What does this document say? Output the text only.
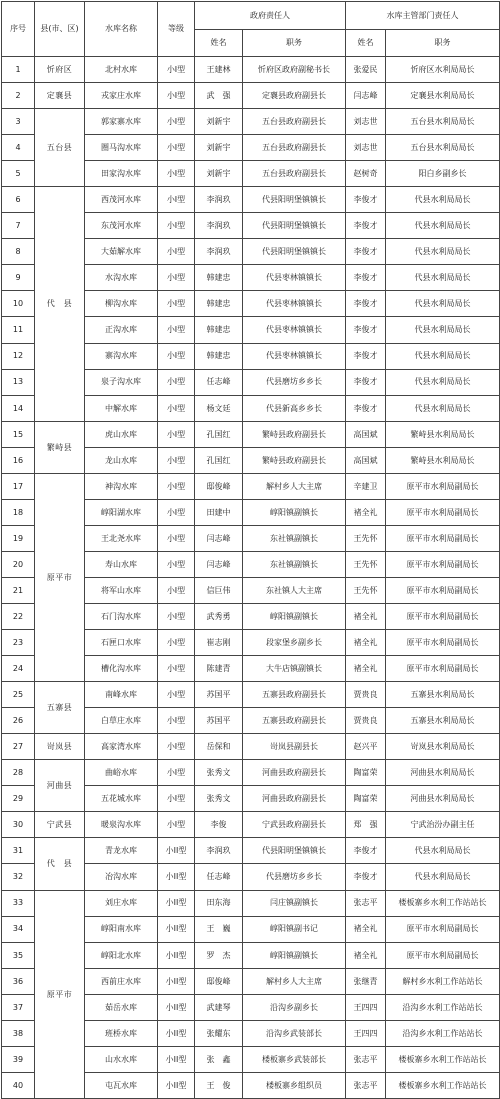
序号	县(市、区)	水库名称	等级	政府责任人		水库主管部门责任人	
				姓名	职务	姓名	职务
1	忻府区	北村水库	小I型	王建林	忻府区政府副秘书长	张爱民	忻府区水利局局长
2	定襄县	戎家庄水库	小I型	武　强	定襄县政府副县长	闫志峰	定襄县水利局局长
3	五台县	郭家寨水库	小I型	刘新宇	五台县政府副县长	刘志世	五台县水利局局长
4		圈马沟水库	小I型	刘新宇	五台县政府副县长	刘志世	五台县水利局局长
5		田家沟水库	小I型	刘新宇	五台县政府副县长	赵树奇	阳白乡副乡长
6	代　县	西茂河水库	小I型	李润玖	代县阳明堡镇镇长	李俊才	代县水利局局长
7		东茂河水库	小I型	李润玖	代县阳明堡镇镇长	李俊才	代县水利局局长
8		大茹解水库	小I型	李润玖	代县阳明堡镇镇长	李俊才	代县水利局局长
9		水沟水库	小I型	韩建忠	代县枣林镇镇长	李俊才	代县水利局局长
10		柳沟水库	小I型	韩建忠	代县枣林镇镇长	李俊才	代县水利局局长
11		正沟水库	小I型	韩建忠	代县枣林镇镇长	李俊才	代县水利局局长
12		寨沟水库	小I型	韩建忠	代县枣林镇镇长	李俊才	代县水利局局长
13		泉子沟水库	小I型	任志峰	代县磨坊乡乡长	李俊才	代县水利局局长
14		中解水库	小I型	杨文廷	代县新高乡乡长	李俊才	代县水利局局长
15	繁峙县	虎山水库	小I型	孔国红	繁峙县政府副县长	高国斌	繁峙县水利局局长
16		龙山水库	小I型	孔国红	繁峙县政府副县长	高国斌	繁峙县水利局局长
17	原平市	神沟水库	小I型	邸俊峰	解村乡人大主席	辛建卫	原平市水利局副局长
18		崞阳湖水库	小I型	田建中	崞阳镇副镇长	褚全礼	原平市水利局副局长
19		王北尧水库	小I型	闫志峰	东社镇副镇长	王先怀	原平市水利局副局长
20		寿山水库	小I型	闫志峰	东社镇副镇长	王先怀	原平市水利局副局长
21		将军山水库	小I型	信巨伟	东社镇人大主席	王先怀	原平市水利局副局长
22		石门沟水库	小I型	武秀勇	崞阳镇副镇长	褚全礼	原平市水利局副局长
23		石匣口水库	小I型	崔志刚	段家堡乡副乡长	褚全礼	原平市水利局副局长
24		槽化沟水库	小I型	陈建青	大牛店镇副镇长	褚全礼	原平市水利局副局长
25	五寨县	南峰水库	小I型	苏国平	五寨县政府副县长	贾贵良	五寨县水利局局长
26		白草庄水库	小I型	苏国平	五寨县政府副县长	贾贵良	五寨县水利局局长
27	岢岚县	高家湾水库	小I型	岳保和	岢岚县副县长	赵兴平	岢岚县水利局局长
28	河曲县	曲峪水库	小I型	张秀文	河曲县政府副县长	陶富荣	河曲县水利局局长
29		五花城水库	小I型	张秀文	河曲县政府副县长	陶富荣	河曲县水利局局长
30	宁武县	暖泉沟水库	小I型	李俊	宁武县政府副县长	郑　强	宁武治汾办副主任
31	代　县	青龙水库	小II型	李润玖	代县阳明堡镇镇长	李俊才	代县水利局局长
32		冶沟水库	小II型	任志峰	代县磨坊乡乡长	李俊才	代县水利局局长
33	原平市	刘庄水库	小II型	田东海	闫庄镇副镇长	张志平	楼板寨乡水利工作站站长
34		崞阳南水库	小II型	王　巍	崞阳镇副书记	褚全礼	原平市水利局副局长
35		崞阳北水库	小II型	罗　杰	崞阳镇副镇长	褚全礼	原平市水利局副局长
36		西前庄水库	小II型	邸俊峰	解村乡人大主席	张继青	解村乡水利工作站站长
37		茹岳水库	小II型	武建琴	沿沟乡副乡长	王四四	沿沟乡水利工作站站长
38		班桥水库	小II型	张耀东	沿沟乡武装部长	王四四	沿沟乡水利工作站站长
39		山水水库	小II型	张　鑫	楼板寨乡武装部长	张志平	楼板寨乡水利工作站站长
40		屯瓦水库	小II型	王　俊	楼板寨乡组织员	张志平	楼板寨乡水利工作站站长
